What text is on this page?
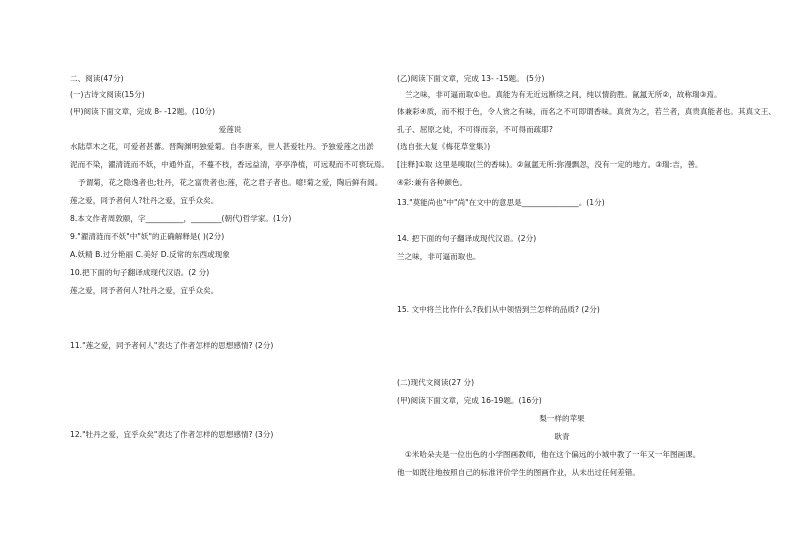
二、阅读(47分)
(一)古诗文阅读(15分)
(甲)阅读下面文章，完成 8- -12题。(10分)
爱莲说
水陆草木之花，可爱者甚蕃。晋陶渊明独爱菊。自李唐来，世人甚爱牡丹。予独爱莲之出淤
泥而不染，濯清涟而不妖，中通外直，不蔓不枝，香远益清，亭亭净植，可远观而不可亵玩焉。
予谓菊，花之隐逸者也;牡丹，花之富贵者也;莲，花之君子者也。噫!菊之爱，陶后鲜有闻。
莲之爱，同予者何人?牡丹之爱，宜乎众矣。
8.本文作者周敦颐，字__________，________(朝代)哲学家。(1分)
9."濯清涟而不妖"中"妖"的正确解释是( )(2分)
A.妖精 B.过分艳丽 C.美好 D.反常的东西或现象
10.把下面的句子翻译成现代汉语。(2 分)
莲之爱，同予者何人?牡丹之爱，宜乎众矣。
11."莲之爱，同予者何人"表达了作者怎样的思想感情? (2分)
12."牡丹之爱，宜乎众矣"表达了作者怎样的思想感情? (3分)
(乙)阅读下面文章，完成 13- -15题。 (5分)
兰之味，非可逼而取①也。真能为有无近远断续之间，纯以情韵胜。氤氲无所②，故称瑞③焉。
体兼彩④质，而不根于色，令人赏之有味，而名之不可即谓香味。真赏为之，若兰者，真贵真能者也。其真文王、
孔子、屈原之徒，不可得而亲，不可得而疏耶?
(选自张大复《梅花草堂集》)
[注释]①取 这里是嗅取(兰的香味)。②氤氲无所:弥漫飘忽，没有一定的地方。③瑞:吉，善。
④彩:兼有各种颜色。
13."莫能尚也"中"尚"在文中的意思是_______________。(1分)
14. 把下面的句子翻译成现代汉语。(2分)
兰之味，非可逼而取也。
15. 文中将兰比作什么?我们从中领悟到兰怎样的品质? (2分)
(二)现代文阅读(27 分)
(甲)阅读下面文章，完成 16-19题。(16分)
梨一样的苹果
耿青
①米哈朵夫是一位出色的小学图画教师，他在这个偏远的小城中教了一年又一年图画课。
他一如既往地按照自己的标准评价学生的图画作业，从未出过任何差错。
